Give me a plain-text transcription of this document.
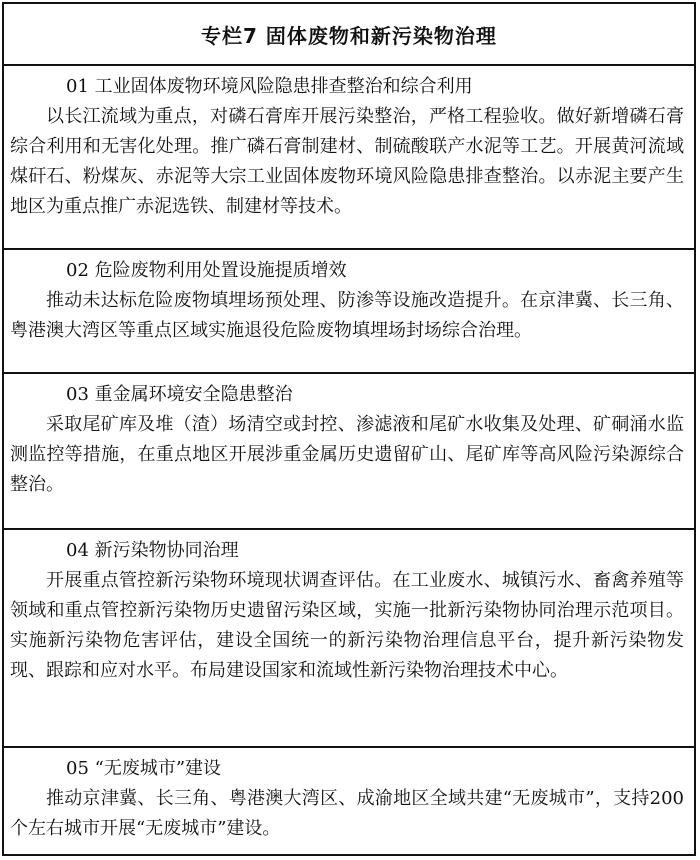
专栏7 固体废物和新污染物治理
01 工业固体废物环境风险隐患排查整治和综合利用

以长江流域为重点，对磷石膏库开展污染整治，严格工程验收。做好新增磷石膏综合利用和无害化处理。推广磷石膏制建材、制硫酸联产水泥等工艺。开展黄河流域煤矸石、粉煤灰、赤泥等大宗工业固体废物环境风险隐患排查整治。以赤泥主要产生地区为重点推广赤泥选铁、制建材等技术。

02 危险废物利用处置设施提质增效

推动未达标危险废物填埋场预处理、防渗等设施改造提升。在京津冀、长三角、粤港澳大湾区等重点区域实施退役危险废物填埋场封场综合治理。

03 重金属环境安全隐患整治

采取尾矿库及堆（渣）场清空或封控、渗滤液和尾矿水收集及处理、矿硐涌水监测监控等措施，在重点地区开展涉重金属历史遗留矿山、尾矿库等高风险污染源综合整治。

04 新污染物协同治理

开展重点管控新污染物环境现状调查评估。在工业废水、城镇污水、畜禽养殖等领域和重点管控新污染物历史遗留污染区域，实施一批新污染物协同治理示范项目。实施新污染物危害评估，建设全国统一的新污染物治理信息平台，提升新污染物发现、跟踪和应对水平。布局建设国家和流域性新污染物治理技术中心。

05 “无废城市”建设

推动京津冀、长三角、粤港澳大湾区、成渝地区全域共建“无废城市”，支持200个左右城市开展“无废城市”建设。
